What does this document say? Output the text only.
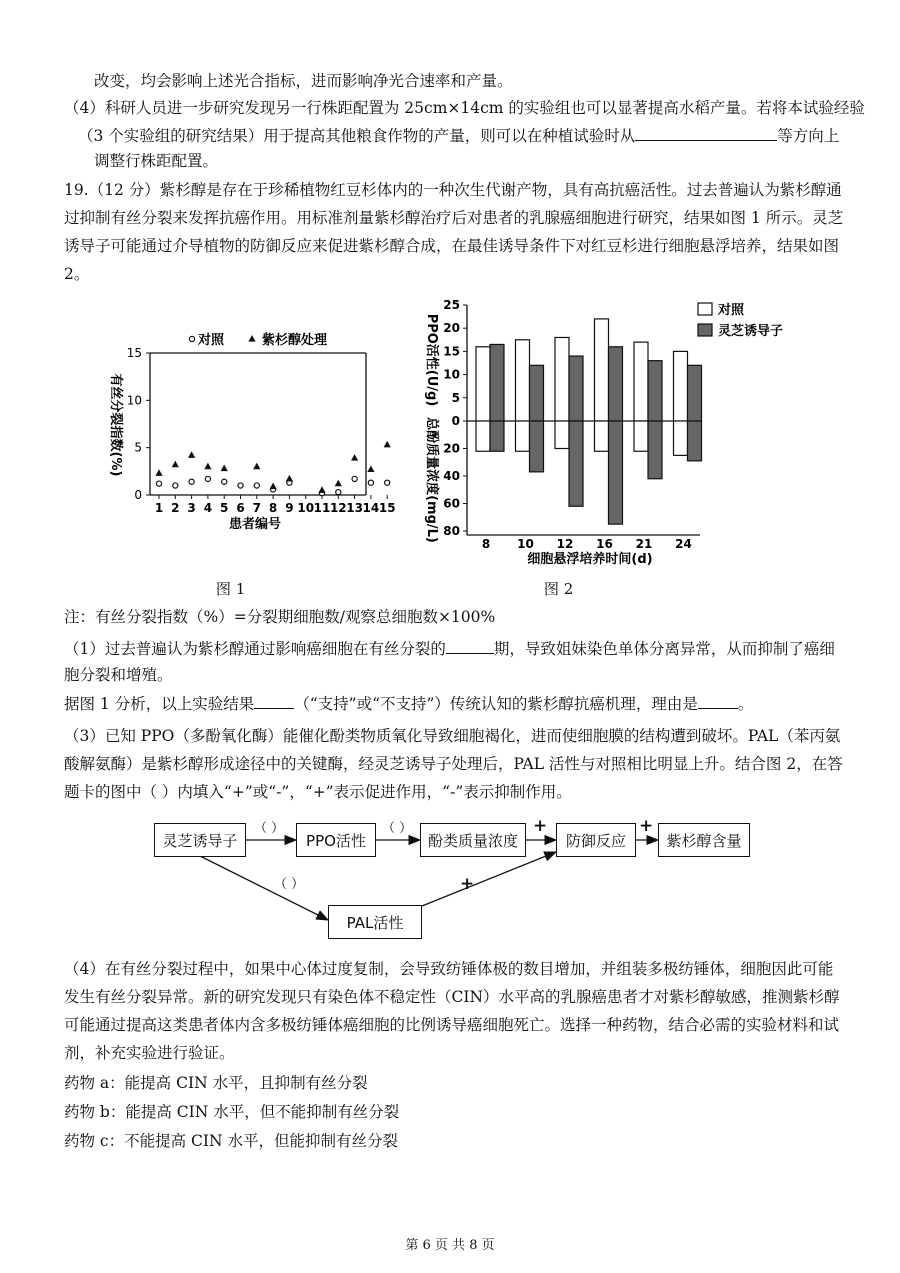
改变，均会影响上述光合指标，进而影响净光合速率和产量。
（4）科研人员进一步研究发现另一行株距配置为 25cm×14cm 的实验组也可以显著提高水稻产量。若将本试验经验
（3 个实验组的研究结果）用于提高其他粮食作物的产量，则可以在种植试验时从	等方向上
调整行株距配置。
19.（12 分）紫杉醇是存在于珍稀植物红豆杉体内的一种次生代谢产物，具有高抗癌活性。过去普遍认为紫杉醇通
过抑制有丝分裂来发挥抗癌作用。用标准剂量紫杉醇治疗后对患者的乳腺癌细胞进行研究，结果如图 1 所示。灵芝
诱导子可能通过介导植物的防御反应来促进紫杉醇合成，在最佳诱导条件下对红豆杉进行细胞悬浮培养，结果如图
2。
对照	紫杉醇处理
0
5
10
15
1 2 3 4 5 6 7 8 9 10 11 12 13 14 15
患者编号
有丝分裂指数(%)
对照
灵芝诱导子
0
5
10
15
20
25
20
40
60
80
8 10 12 16 21 24
细胞悬浮培养时间(d)
PPO活性(U/g)
总酚质量浓度(mg/L)
图 1	图 2
注：有丝分裂指数（%）=分裂期细胞数/观察总细胞数×100%
（1）过去普遍认为紫杉醇通过影响癌细胞在有丝分裂的	期，导致姐妹染色单体分离异常，从而抑制了癌细
胞分裂和增殖。
据图 1 分析，以上实验结果	（“支持”或“不支持”）传统认知的紫杉醇抗癌机理，理由是	。
（3）已知 PPO（多酚氧化酶）能催化酚类物质氧化导致细胞褐化，进而使细胞膜的结构遭到破坏。PAL（苯丙氨
酸解氨酶）是紫杉醇形成途径中的关键酶，经灵芝诱导子处理后，PAL 活性与对照相比明显上升。结合图 2，在答
题卡的图中（ ）内填入“+”或“-”，“+”表示促进作用，“-”表示抑制作用。
灵芝诱导子	PPO活性	酚类质量浓度	防御反应	紫杉醇含量
PAL活性
（ ）	（ ）	+	+
（ ）	+
（4）在有丝分裂过程中，如果中心体过度复制，会导致纺锤体极的数目增加，并组装多极纺锤体，细胞因此可能
发生有丝分裂异常。新的研究发现只有染色体不稳定性（CIN）水平高的乳腺癌患者才对紫杉醇敏感，推测紫杉醇
可能通过提高这类患者体内含多极纺锤体癌细胞的比例诱导癌细胞死亡。选择一种药物，结合必需的实验材料和试
剂，补充实验进行验证。
药物 a：能提高 CIN 水平，且抑制有丝分裂
药物 b：能提高 CIN 水平，但不能抑制有丝分裂
药物 c：不能提高 CIN 水平，但能抑制有丝分裂
第 6 页 共 8 页
